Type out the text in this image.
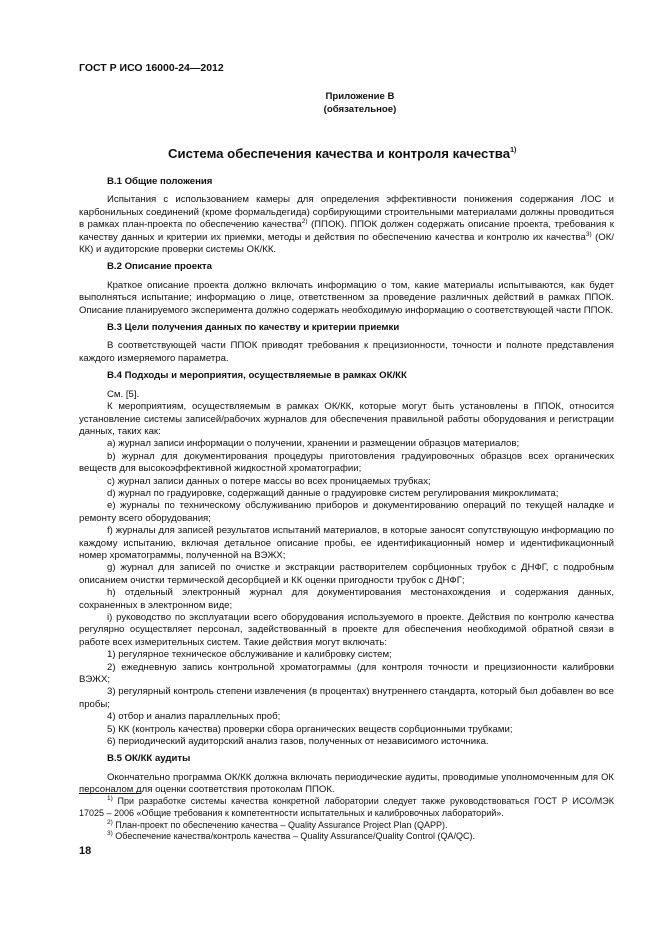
ГОСТ Р ИСО 16000-24—2012
Приложение В
(обязательное)
Система обеспечения качества и контроля качества$^{1)}$

В.1 Общие положения

Испытания с использованием камеры для определения эффективности понижения содержания ЛОС и карбонильных соединений (кроме формальдегида) сорбирующими строительными материалами должны проводиться в рамках план-проекта по обеспечению качества$^{2)}$ (ППОК). ППОК должен содержать описание проекта, требования к качеству данных и критерии их приемки, методы и действия по обеспечению качества и контролю их качества$^{3)}$ (ОК/КК) и аудиторские проверки системы ОК/КК.

В.2 Описание проекта

Краткое описание проекта должно включать информацию о том, какие материалы испытываются, как будет выполняться испытание; информацию о лице, ответственном за проведение различных действий в рамках ППОК. Описание планируемого эксперимента должно содержать необходимую информацию о соответствующей части ППОК.

В.3 Цели получения данных по качеству и критерии приемки

В соответствующей части ППОК приводят требования к прецизионности, точности и полноте представления каждого измеряемого параметра.

В.4 Подходы и мероприятия, осуществляемые в рамках ОК/КК

См. [5].

К мероприятиям, осуществляемым в рамках ОК/КК, которые могут быть установлены в ППОК, относится установление системы записей/рабочих журналов для обеспечения правильной работы оборудования и регистрации данных, таких как:

a) журнал записи информации о получении, хранении и размещении образцов материалов;

b) журнал для документирования процедуры приготовления градуировочных образцов всех органических веществ для высокоэффективной жидкостной хроматографии;

c) журнал записи данных о потере массы во всех проницаемых трубках;

d) журнал по градуировке, содержащий данные о градуировке систем регулирования микроклимата;

e) журналы по техническому обслуживанию приборов и документированию операций по текущей наладке и ремонту всего оборудования;

f) журналы для записей результатов испытаний материалов, в которые заносят сопутствующую информацию по каждому испытанию, включая детальное описание пробы, ее идентификационный номер и идентификационный номер хроматограммы, полученной на ВЭЖХ;

g) журнал для записей по очистке и экстракции растворителем сорбционных трубок с ДНФГ, с подробным описанием очистки термической десорбцией и КК оценки пригодности трубок с ДНФГ;

h) отдельный электронный журнал для документирования местонахождения и содержания данных, сохраненных в электронном виде;

i) руководство по эксплуатации всего оборудования используемого в проекте. Действия по контролю качества регулярно осуществляет персонал, задействованный в проекте для обеспечения необходимой обратной связи в работе всех измерительных систем. Такие действия могут включать:

1) регулярное техническое обслуживание и калибровку систем;

2) ежедневную запись контрольной хроматограммы (для контроля точности и прецизионности калибровки ВЭЖХ;

3) регулярный контроль степени извлечения (в процентах) внутреннего стандарта, который был добавлен во все пробы;

4) отбор и анализ параллельных проб;

5) КК (контроль качества) проверки сбора органических веществ сорбционными трубками;

6) периодический аудиторский анализ газов, полученных от независимого источника.

В.5 ОК/КК аудиты

Окончательно программа ОК/КК должна включать периодические аудиты, проводимые уполномоченным для ОК персоналом для оценки соответствия протоколам ППОК.

$^{1)}$ При разработке системы качества конкретной лаборатории следует также руководствоваться ГОСТ Р ИСО/МЭК 17025 – 2006 «Общие требования к компетентности испытательных и калибровочных лабораторий».

$^{2)}$ План-проект по обеспечению качества – Quality Assurance Project Plan (QAPP).

$^{3)}$ Обеспечение качества/контроль качества – Quality Assurance/Quality Control (QA/QC).

18
